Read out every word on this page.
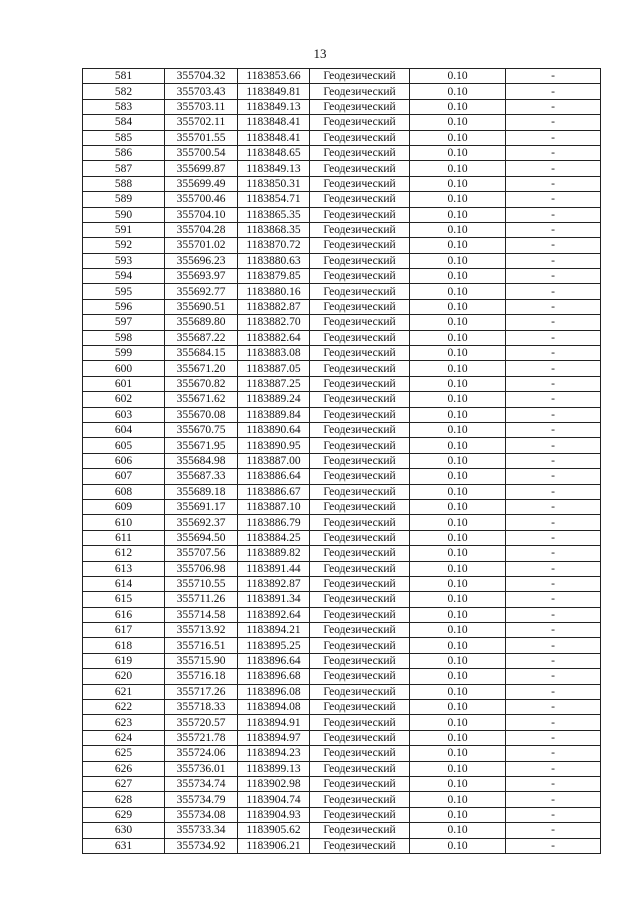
13
581	355704.32	1183853.66	Геодезический	0.10	-
582	355703.43	1183849.81	Геодезический	0.10	-
583	355703.11	1183849.13	Геодезический	0.10	-
584	355702.11	1183848.41	Геодезический	0.10	-
585	355701.55	1183848.41	Геодезический	0.10	-
586	355700.54	1183848.65	Геодезический	0.10	-
587	355699.87	1183849.13	Геодезический	0.10	-
588	355699.49	1183850.31	Геодезический	0.10	-
589	355700.46	1183854.71	Геодезический	0.10	-
590	355704.10	1183865.35	Геодезический	0.10	-
591	355704.28	1183868.35	Геодезический	0.10	-
592	355701.02	1183870.72	Геодезический	0.10	-
593	355696.23	1183880.63	Геодезический	0.10	-
594	355693.97	1183879.85	Геодезический	0.10	-
595	355692.77	1183880.16	Геодезический	0.10	-
596	355690.51	1183882.87	Геодезический	0.10	-
597	355689.80	1183882.70	Геодезический	0.10	-
598	355687.22	1183882.64	Геодезический	0.10	-
599	355684.15	1183883.08	Геодезический	0.10	-
600	355671.20	1183887.05	Геодезический	0.10	-
601	355670.82	1183887.25	Геодезический	0.10	-
602	355671.62	1183889.24	Геодезический	0.10	-
603	355670.08	1183889.84	Геодезический	0.10	-
604	355670.75	1183890.64	Геодезический	0.10	-
605	355671.95	1183890.95	Геодезический	0.10	-
606	355684.98	1183887.00	Геодезический	0.10	-
607	355687.33	1183886.64	Геодезический	0.10	-
608	355689.18	1183886.67	Геодезический	0.10	-
609	355691.17	1183887.10	Геодезический	0.10	-
610	355692.37	1183886.79	Геодезический	0.10	-
611	355694.50	1183884.25	Геодезический	0.10	-
612	355707.56	1183889.82	Геодезический	0.10	-
613	355706.98	1183891.44	Геодезический	0.10	-
614	355710.55	1183892.87	Геодезический	0.10	-
615	355711.26	1183891.34	Геодезический	0.10	-
616	355714.58	1183892.64	Геодезический	0.10	-
617	355713.92	1183894.21	Геодезический	0.10	-
618	355716.51	1183895.25	Геодезический	0.10	-
619	355715.90	1183896.64	Геодезический	0.10	-
620	355716.18	1183896.68	Геодезический	0.10	-
621	355717.26	1183896.08	Геодезический	0.10	-
622	355718.33	1183894.08	Геодезический	0.10	-
623	355720.57	1183894.91	Геодезический	0.10	-
624	355721.78	1183894.97	Геодезический	0.10	-
625	355724.06	1183894.23	Геодезический	0.10	-
626	355736.01	1183899.13	Геодезический	0.10	-
627	355734.74	1183902.98	Геодезический	0.10	-
628	355734.79	1183904.74	Геодезический	0.10	-
629	355734.08	1183904.93	Геодезический	0.10	-
630	355733.34	1183905.62	Геодезический	0.10	-
631	355734.92	1183906.21	Геодезический	0.10	-
